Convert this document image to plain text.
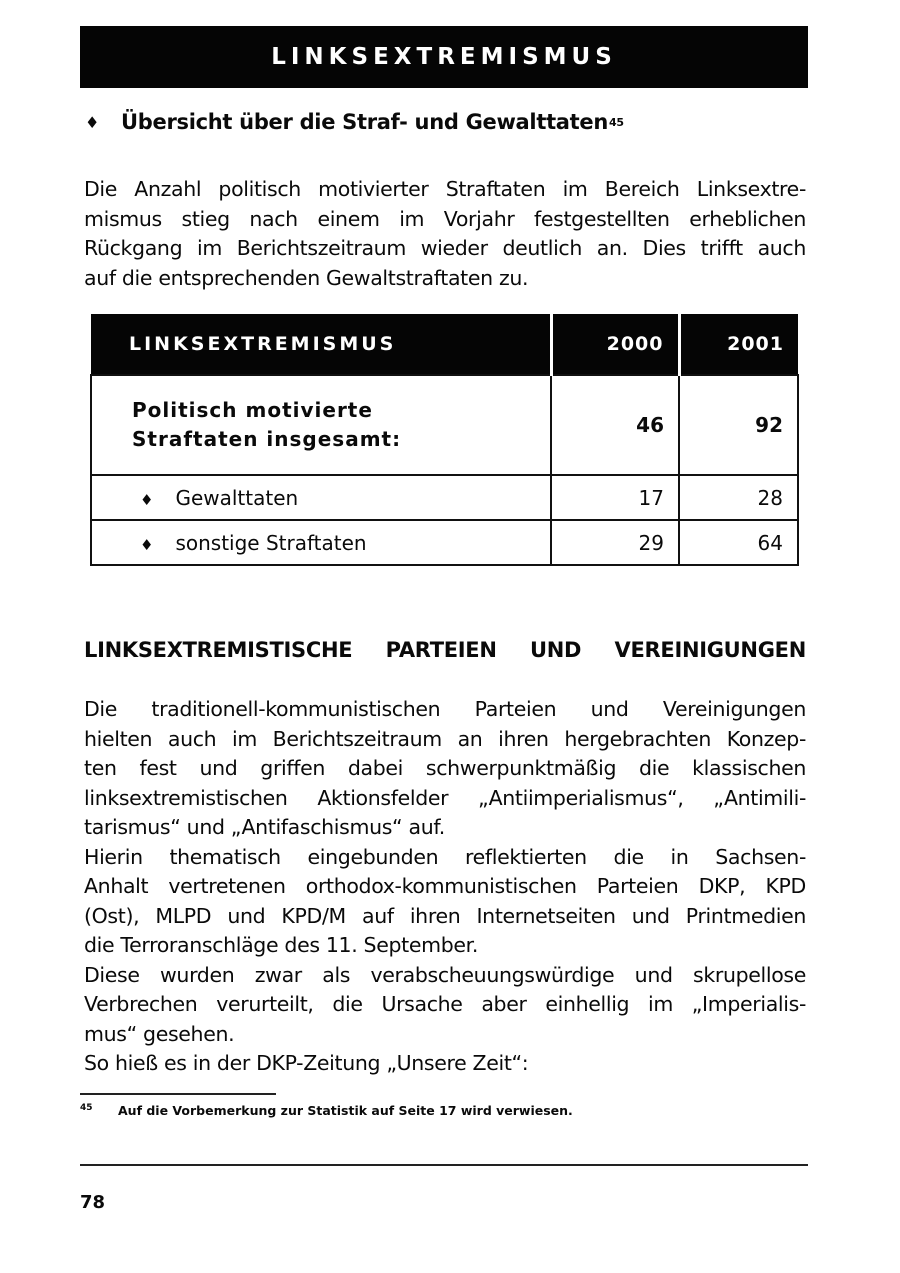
LINKSEXTREMISMUS
♦ Übersicht über die Straf- und Gewalttaten 45

Die Anzahl politisch motivierter Straftaten im Bereich Linksextre-

mismus stieg nach einem im Vorjahr festgestellten erheblichen

Rückgang im Berichtszeitraum wieder deutlich an. Dies trifft auch

auf die entsprechenden Gewaltstraftaten zu.

LINKSEXTREMISMUS	2000	2001

Politisch motivierte
Straftaten insgesamt:	46	92
♦ Gewalttaten	17	28
♦ sonstige Straftaten	29	64
LINKSEXTREMISTISCHE PARTEIEN UND VEREINIGUNGEN

Die traditionell-kommunistischen Parteien und Vereinigungen

hielten auch im Berichtszeitraum an ihren hergebrachten Konzep-

ten fest und griffen dabei schwerpunktmäßig die klassischen

linksextremistischen Aktionsfelder „Antiimperialismus“, „Antimili-

tarismus“ und „Antifaschismus“ auf.

Hierin thematisch eingebunden reflektierten die in Sachsen-

Anhalt vertretenen orthodox-kommunistischen Parteien DKP, KPD

(Ost), MLPD und KPD/M auf ihren Internetseiten und Printmedien

die Terroranschläge des 11. September.

Diese wurden zwar als verabscheuungswürdige und skrupellose

Verbrechen verurteilt, die Ursache aber einhellig im „Imperialis-

mus“ gesehen.

So hieß es in der DKP-Zeitung „Unsere Zeit“:

45	Auf die Vorbemerkung zur Statistik auf Seite 17 wird verwiesen.
78
